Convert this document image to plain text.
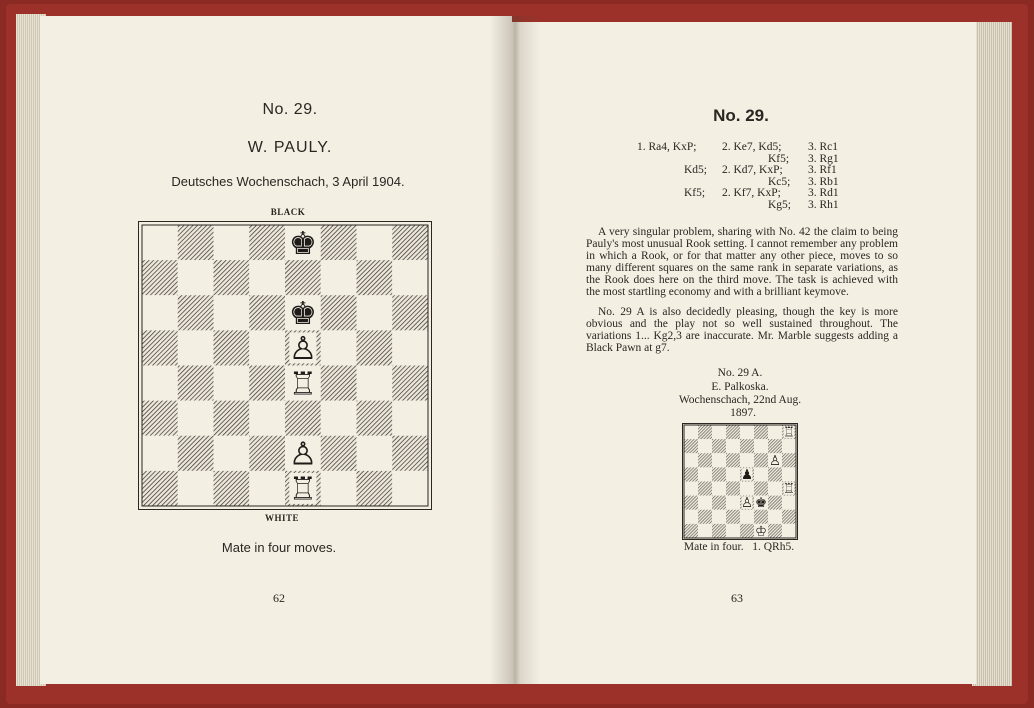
No. 29.
W. PAULY.
Deutsches Wochenschach, 3 April 1904.
BLACK
♚
♚
♙
♖
♙
♖
WHITE
Mate in four moves.
62
No. 29.
1. Ra4, KxP; 2. Ke7, Kd5; 3. Rc1
Kf5; 3. Rg1
Kd5; 2. Kd7, KxP; 3. Rf1
Kc5; 3. Rb1
Kf5; 2. Kf7, KxP; 3. Rd1
Kg5; 3. Rh1
A very singular problem, sharing with No. 42 the claim to being Pauly's most unusual Rook setting. I cannot remember any problem in which a Rook, or for that matter any other piece, moves to so many different squares on the same rank in separate variations, as the Rook does here on the third move. The task is achieved with the most startling economy and with a brilliant keymove.
No. 29 A is also decidedly pleasing, though the key is more obvious and the play not so well sustained throughout. The variations 1... Kg2,3 are inaccurate. Mr. Marble suggests adding a Black Pawn at g7.
No. 29 A.
E. Palkoska.
Wochenschach, 22nd Aug.
1897.
♖
♙
♟
♖
♙ ♚
♔
Mate in four.   1. QRh5.
63
